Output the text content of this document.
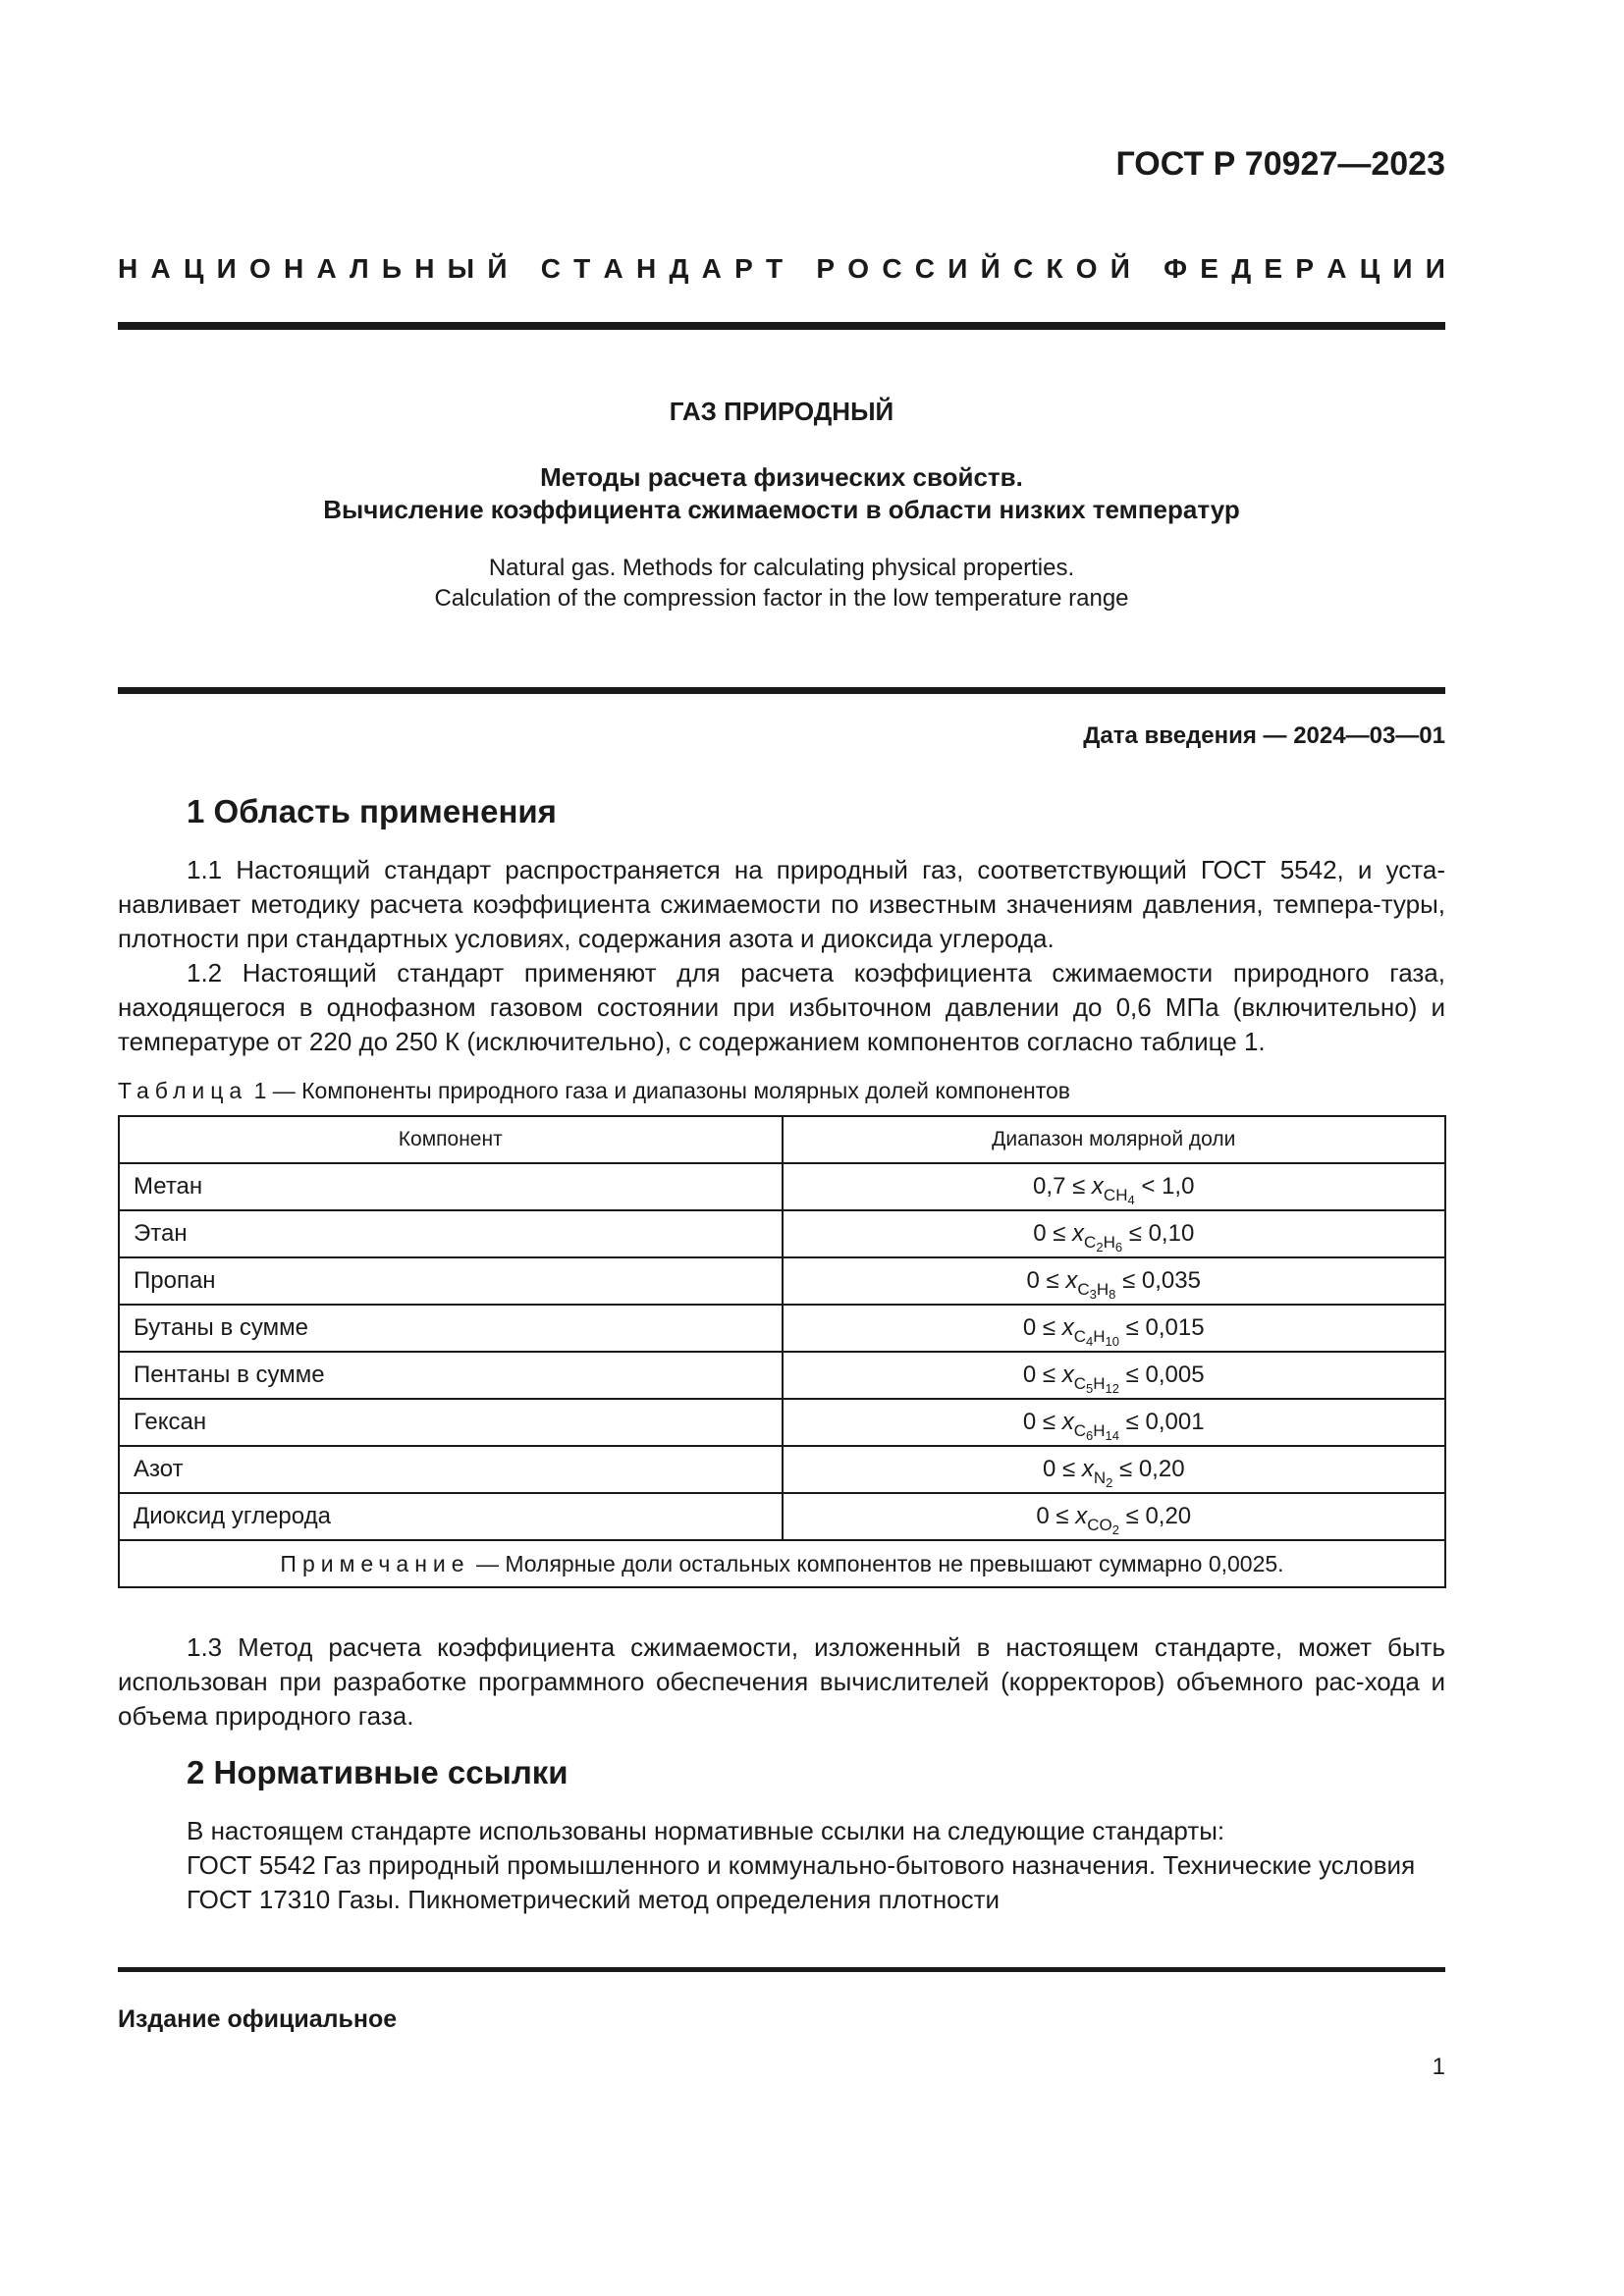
ГОСТ Р 70927—2023
Н А Ц И О Н А Л Ь Н Ы Й
С Т А Н Д А Р Т
Р О С С И Й С К О Й
Ф Е Д Е Р А Ц И И
ГАЗ ПРИРОДНЫЙ
Методы расчета физических свойств.
Вычисление коэффициента сжимаемости в области низких температур
Natural gas. Methods for calculating physical properties.
Calculation of the compression factor in the low temperature range
Дата введения — 2024—03—01
1 Область применения

1.1 Настоящий стандарт распространяется на природный газ, соответствующий ГОСТ 5542, и уста-навливает методику расчета коэффициента сжимаемости по известным значениям давления, темпера-туры, плотности при стандартных условиях, содержания азота и диоксида углерода.

1.2 Настоящий стандарт применяют для расчета коэффициента сжимаемости природного газа, находящегося в однофазном газовом состоянии при избыточном давлении до 0,6 МПа (включительно) и температуре от 220 до 250 К (исключительно), с содержанием компонентов согласно таблице 1.

Таблица 1 — Компоненты природного газа и диапазоны молярных долей компонентов
Компонент	Диапазон молярной доли
Метан	$0,7 \le x_{CH_4} < 1,0$
Этан	$0 \le x_{C_2H_6} \le 0,10$
Пропан	$0 \le x_{C_3H_8} \le 0,035$
Бутаны в сумме	$0 \le x_{C_4H_{10}} \le 0,015$
Пентаны в сумме	$0 \le x_{C_5H_{12}} \le 0,005$
Гексан	$0 \le x_{C_6H_{14}} \le 0,001$
Азот	$0 \le x_{N_2} \le 0,20$
Диоксид углерода	$0 \le x_{CO_2} \le 0,20$
Примечание — Молярные доли остальных компонентов не превышают суммарно 0,0025.	

1.3 Метод расчета коэффициента сжимаемости, изложенный в настоящем стандарте, может быть использован при разработке программного обеспечения вычислителей (корректоров) объемного рас-хода и объема природного газа.

2 Нормативные ссылки

В настоящем стандарте использованы нормативные ссылки на следующие стандарты:

ГОСТ 5542 Газ природный промышленного и коммунально-бытового назначения. Технические условия

ГОСТ 17310 Газы. Пикнометрический метод определения плотности

Издание официальное
1
